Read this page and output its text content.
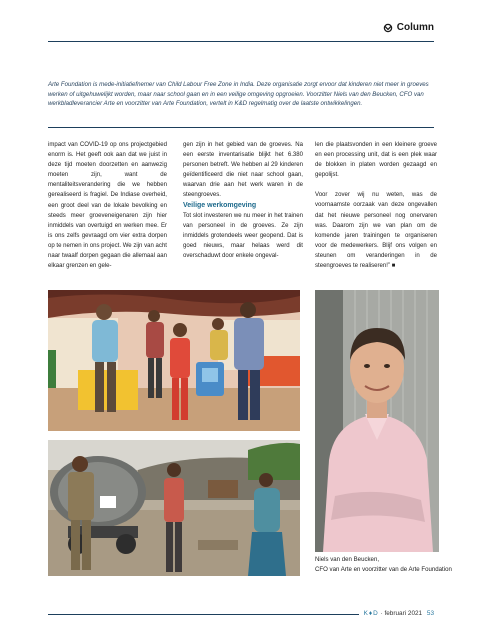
Column

Arte Foundation is mede-initiatiefnemer van Child Labour Free Zone in India. Deze organisatie zorgt ervoor dat kinderen niet meer in groeves werken of uitgehuwelijkt worden, maar naar school gaan en in een veilige omgeving opgroeien. Voorzitter Niels van den Beucken, CFO van werkbladleverancier Arte en voorzitter van Arte Foundation, vertelt in K&D regelmatig over de laatste ontwikkelingen.

impact van COVID-19 op ons projectgebied enorm is. Het geeft ook aan dat we juist in deze tijd moeten doorzetten en aanwezig moeten zijn, want de mentaliteitsverandering die we hebben gerealiseerd is fragiel. De Indiase overheid, een groot deel van de lokale bevolking en steeds meer groeveneigenaren zijn hier inmiddels van overtuigd en werken mee. Er is ons zelfs gevraagd om vier extra dorpen op te nemen in ons project. We zijn van acht naar twaalf dorpen gegaan die allemaal aan elkaar grenzen en gele-

gen zijn in het gebied van de groeves. Na een eerste inventarisatie blijkt het 6.380 personen betreft. We hebben al 29 kinderen geïdentificeerd die niet naar school gaan, waarvan drie aan het werk waren in de steengroeves.

Veilige werkomgeving

Tot slot investeren we nu meer in het trainen van personeel in de groeves. Ze zijn inmiddels grotendeels weer geopend. Dat is goed nieuws, maar helaas werd dit overschaduwt door enkele ongeval-

len die plaatsvonden in een kleinere groeve en een processing unit, dat is een plek waar de blokken in platen worden gezaagd en gepolijst.

Voor zover wij nu weten, was de voornaamste oorzaak van deze ongevallen dat het nieuwe personeel nog onervaren was. Daarom zijn we van plan om de komende jaren trainingen te organiseren voor de medewerkers. Blijf ons volgen en steunen om veranderingen in de steengroeves te realiseren!” ■

Niels van den Beucken,
CFO van Arte en voorzitter van de Arte Foundation
K♦D · februari 2021 53
